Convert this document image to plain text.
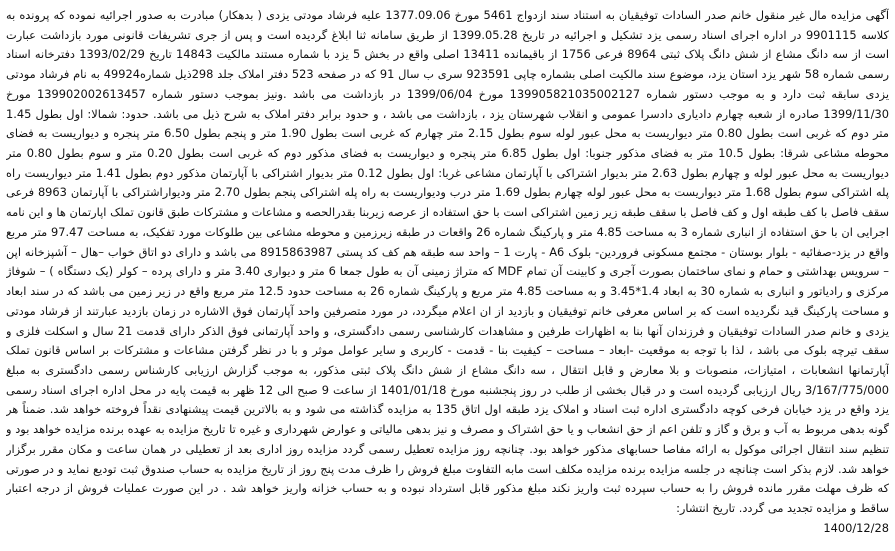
آگهی مزایده مال غیر منقول خانم صدر السادات توفیقیان به استناد سند ازدواج 5461 مورخ 1377.09.06 علیه فرشاد مودتی یزدی ( بدهکار) مبادرت به صدور اجرائیه نموده که پرونده به کلاسه 9901115 در اداره اجرای اسناد رسمی یزد تشکیل و اجرائیه در تاریخ 1399.05.28 از طریق سامانه ثنا ابلاغ گردیده است و پس از جری تشریفات قانونی مورد بازداشت عبارت است از سه دانگ مشاع از شش دانگ پلاک ثبتی 8964 فرعی 1756 از باقیمانده 13411 اصلی واقع در بخش 5 یزد با شماره مستند مالکیت 14843 تاریخ 1393/02/29 دفترخانه اسناد رسمی شماره 58 شهر یزد استان یزد، موضوع سند مالکیت اصلی بشماره چاپی 923591 سری ب سال 91 که در صفحه 523 دفتر املاک جلد 298ذیل شماره49924 به نام فرشاد مودتی یزدی سابقه ثبت دارد و به موجب دستور شماره 13990582103500212​7 مورخ 1399/06/04 در بازداشت می باشد .ونیز بموجب دستور شماره 13990​2002613457 مورخ 1399/11/30 صادره از شعبه چهارم دادیاری دادسرا عمومی و انقلاب شهرستان یزد ، بازداشت می باشد ، و حدود برابر دفتر املاک به شرح ذیل می باشد. حدود: شمالا: اول بطول 1.45 متر دوم که غربی است بطول 0.80 متر دیواریست به محل عبور لوله سوم بطول 2.15 متر چهارم که غربی است بطول 1.90 متر و پنجم بطول 6.50 متر پنجره و دیواریست به فضای محوطه مشاعی شرقا: بطول 10.5 متر به فضای مذکور جنوبا: اول بطول 6.85 متر پنجره و دیواریست به فضای مذکور دوم که غربی است بطول 0.20 متر و سوم بطول 0.80 متر دیواریست به محل عبور لوله و چهارم بطول 2.63 متر بدیوار اشتراکی با آپارتمان مشاعی غربا: اول بطول 0.12 متر بدیوار اشتراکی با آپارتمان مذکور دوم بطول 1.41 متر دیواریست راه پله اشتراکی سوم بطول 1.68 متر دیواریست به محل عبور لوله چهارم بطول 1.69 متر درب ودیواریست به راه پله اشتراکی پنجم بطول 2.70 متر ودیواراشتراکی با آپارتمان 8963 فرعی سقف فاصل با کف طبقه اول و کف فاصل با سقف طبقه زیر زمین اشتراکی است با حق استفاده از عرصه زیربنا بقدرالحصه و مشاعات و مشترکات طبق قانون تملک اپارتمان ها و این نامه اجرایی ان با حق استفاده از انباری شماره 3 به مساحت 4.85 متر و پارکینگ شماره 26 واقعات در طبقه زیرزمین و محوطه مشاعی بین طلوکات مورد تفکیک، به مساحت 97.47 متر مربع واقع در یزد-صفائیه - بلوار بوستان - مجتمع مسکونی فروردین- بلوک A6 - پارت 1 – واحد سه طبقه هم کف کد پستی 8915863987 می باشد و دارای دو اتاق خواب –هال – آشپزخانه اپن – سرویس بهداشتی و حمام و نمای ساختمان بصورت آجری و کابینت آن تمام MDF که متراژ زمینی آن به طول جمعا 6 متر و دیواری 3.40 متر و دارای پرده – کولر (یک دستگاه ) – شوفاژ مرکزی و رادیاتور و انباری به شماره 30 به ابعاد 1.4*3.45 و به مساحت 4.85 متر مربع و پارکینگ شماره 26 به مساحت حدود 12.5 متر مربع واقع در زیر زمین می باشد که در سند ابعاد و مساحت پارکینگ قید نگردیده است که بر اساس معرفی خانم توفیقیان و بازدید از ان اعلام میگردد، در مورد متصرفین واحد آپارتمان فوق الاشاره در زمان بازدید عبارتند از فرشاد مودتی یزدی و خانم صدر السادات توفیقیان و فرزندان آنها بنا به اظهارات طرفین و مشاهدات کارشناسی رسمی دادگستری، و واحد آپارتمانی فوق الذکر دارای قدمت 21 سال و اسکلت فلزی و سقف تیرچه بلوک می باشد ، لذا با توجه به موقعیت -ابعاد – مساحت – کیفیت بنا - قدمت - کاربری و سایر عوامل موثر و با در نظر گرفتن مشاعات و مشترکات بر اساس قانون تملک آپارتمانها انشعابات ، امتیازات، منصوبات و بلا معارض و قابل انتقال ، سه دانگ مشاع از شش دانگ پلاک ثبتی مذکور، به موجب گزارش ارزیابی کارشناس رسمی دادگستری به مبلغ 3/167/775/000 ریال ارزیابی گردیده است و در قبال بخشی از طلب در روز پنجشنبه مورخ 1401/01/18 از ساعت 9 صبح الی 12 ظهر به قیمت پایه در محل اداره اجرای اسناد رسمی یزد واقع در یزد خیابان فرخی کوچه دادگستری اداره ثبت اسناد و املاک یزد طبقه اول اتاق 135 به مزایده گذاشته می شود و به بالاترین قیمت پیشنهادی نقداً فروخته خواهد شد. ضمناً هر گونه بدهی مربوط به آب و برق و گاز و تلفن اعم از حق انشعاب و یا حق اشتراک و مصرف و نیز بدهی مالیاتی و عوارض شهرداری و غیره تا تاریخ مزایده به عهده برنده مزایده خواهد بود و تنظیم سند انتقال اجرائی موکول به ارائه مفاصا حسابهای مذکور خواهد بود. چنانچه روز مزایده تعطیل رسمی گردد مزایده روز اداری بعد از تعطیلی در همان ساعت و مکان مقرر برگزار خواهد شد. لازم بذکر است چنانچه در جلسه مزایده برنده مزایده مکلف است مابه التفاوت مبلغ فروش را ظرف مدت پنج روز از تاریخ مزایده به حساب صندوق ثبت تودیع نماید و در صورتی که ظرف مهلت مقرر مانده فروش را به حساب سپرده ثبت واریز نکند مبلغ مذکور قابل استرداد نبوده و به حساب خزانه واریز خواهد شد . در این صورت عملیات فروش از درجه اعتبار ساقط و مزایده تجدید می گردد. تاریخ انتشار:

1400/12/28
